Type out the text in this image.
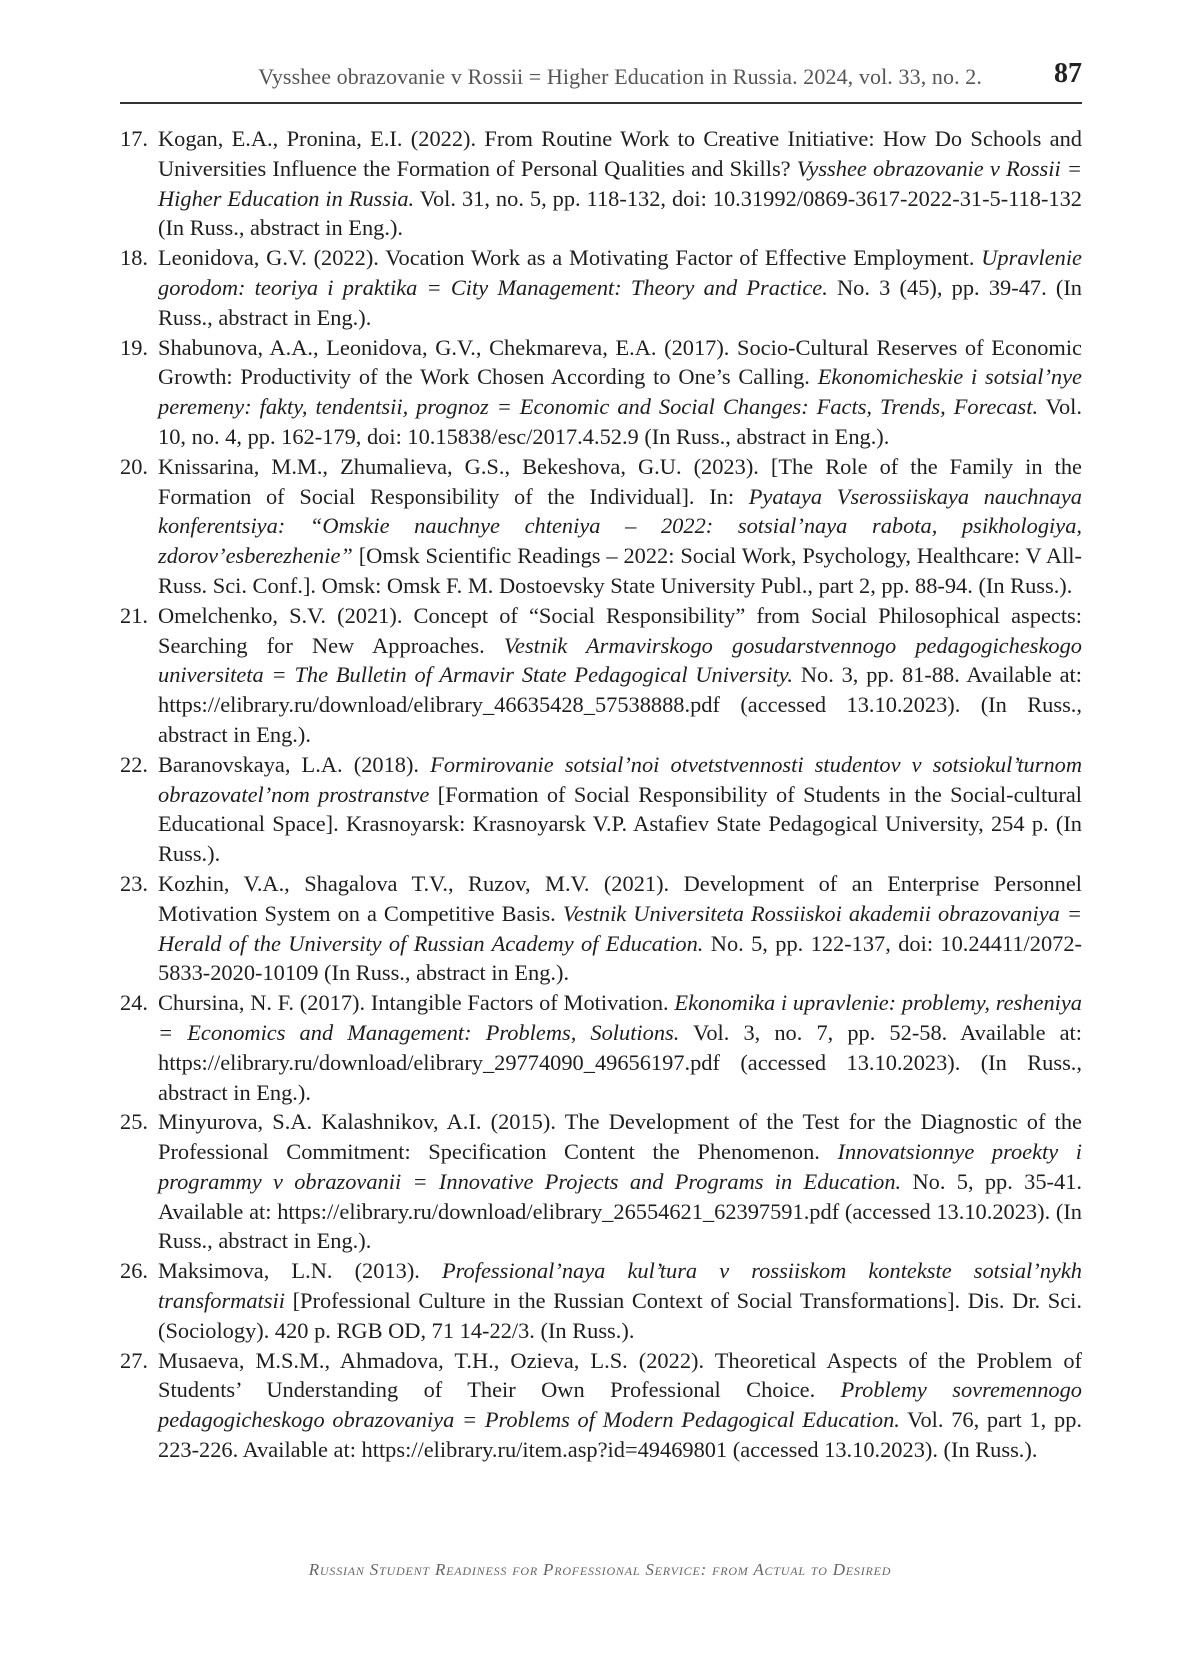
Vysshee obrazovanie v Rossii = Higher Education in Russia. 2024, vol. 33, no. 2.	87
17. Kogan, E.A., Pronina, E.I. (2022). From Routine Work to Creative Initiative: How Do Schools and Universities Influence the Formation of Personal Qualities and Skills? Vysshee obrazovanie v Rossii = Higher Education in Russia. Vol. 31, no. 5, pp. 118-132, doi: 10.31992/0869-3617-2022-31-5-118-132 (In Russ., abstract in Eng.).
18. Leonidova, G.V. (2022). Vocation Work as a Motivating Factor of Effective Employment. Upravlenie gorodom: teoriya i praktika = City Management: Theory and Practice. No. 3 (45), pp. 39-47. (In Russ., abstract in Eng.).
19. Shabunova, A.A., Leonidova, G.V., Chekmareva, E.A. (2017). Socio-Cultural Reserves of Economic Growth: Productivity of the Work Chosen According to One’s Calling. Ekonomicheskie i sotsial’nye peremeny: fakty, tendentsii, prognoz = Economic and Social Changes: Facts, Trends, Forecast. Vol. 10, no. 4, pp. 162-179, doi: 10.15838/esc/2017.4.52.9 (In Russ., abstract in Eng.).
20. Knissarina, M.M., Zhumalieva, G.S., Bekeshova, G.U. (2023). [The Role of the Family in the Formation of Social Responsibility of the Individual]. In: Pyataya Vserossiiskaya nauchnaya konferentsiya: “Omskie nauchnye chteniya – 2022: sotsial’naya rabota, psikhologiya, zdorov’esberezhenie” [Omsk Scientific Readings – 2022: Social Work, Psychology, Healthcare: V All-Russ. Sci. Conf.]. Omsk: Omsk F. M. Dostoevsky State University Publ., part 2, pp. 88-94. (In Russ.).
21. Omelchenko, S.V. (2021). Concept of “Social Responsibility” from Social Philosophical aspects: Searching for New Approaches. Vestnik Armavirskogo gosudarstvennogo pedagogicheskogo universiteta = The Bulletin of Armavir State Pedagogical University. No. 3, pp. 81-88. Available at: https://elibrary.ru/download/elibrary_46635428_57538888.pdf (accessed 13.10.2023). (In Russ., abstract in Eng.).
22. Baranovskaya, L.A. (2018). Formirovanie sotsial’noi otvetstvennosti studentov v sotsiokul’turnom obrazovatel’nom prostranstve [Formation of Social Responsibility of Students in the Social-cultural Educational Space]. Krasnoyarsk: Krasnoyarsk V.P. Astafiev State Pedagogical University, 254 p. (In Russ.).
23. Kozhin, V.A., Shagalova T.V., Ruzov, M.V. (2021). Development of an Enterprise Personnel Motivation System on a Competitive Basis. Vestnik Universiteta Rossiiskoi akademii obrazovaniya = Herald of the University of Russian Academy of Education. No. 5, pp. 122-137, doi: 10.24411/2072-5833-2020-10109 (In Russ., abstract in Eng.).
24. Chursina, N. F. (2017). Intangible Factors of Motivation. Ekonomika i upravlenie: problemy, resheniya = Economics and Management: Problems, Solutions. Vol. 3, no. 7, pp. 52-58. Available at: https://elibrary.ru/download/elibrary_29774090_49656197.pdf (accessed 13.10.2023). (In Russ., abstract in Eng.).
25. Minyurova, S.A. Kalashnikov, A.I. (2015). The Development of the Test for the Diagnostic of the Professional Commitment: Specification Content the Phenomenon. Innovatsionnye proekty i programmy v obrazovanii = Innovative Projects and Programs in Education. No. 5, pp. 35-41. Available at: https://elibrary.ru/download/elibrary_26554621_62397591.pdf (accessed 13.10.2023). (In Russ., abstract in Eng.).
26. Maksimova, L.N. (2013). Professional’naya kul’tura v rossiiskom kontekste sotsial’nykh transformatsii [Professional Culture in the Russian Context of Social Transformations]. Dis. Dr. Sci. (Sociology). 420 p. RGB OD, 71 14-22/3. (In Russ.).
27. Musaeva, M.S.M., Ahmadova, T.H., Ozieva, L.S. (2022). Theoretical Aspects of the Problem of Students’ Understanding of Their Own Professional Choice. Problemy sovremennogo pedagogicheskogo obrazovaniya = Problems of Modern Pedagogical Education. Vol. 76, part 1, pp. 223-226. Available at: https://elibrary.ru/item.asp?id=49469801 (accessed 13.10.2023). (In Russ.).
Russian Student Readiness for Professional Service: from Actual to Desired
